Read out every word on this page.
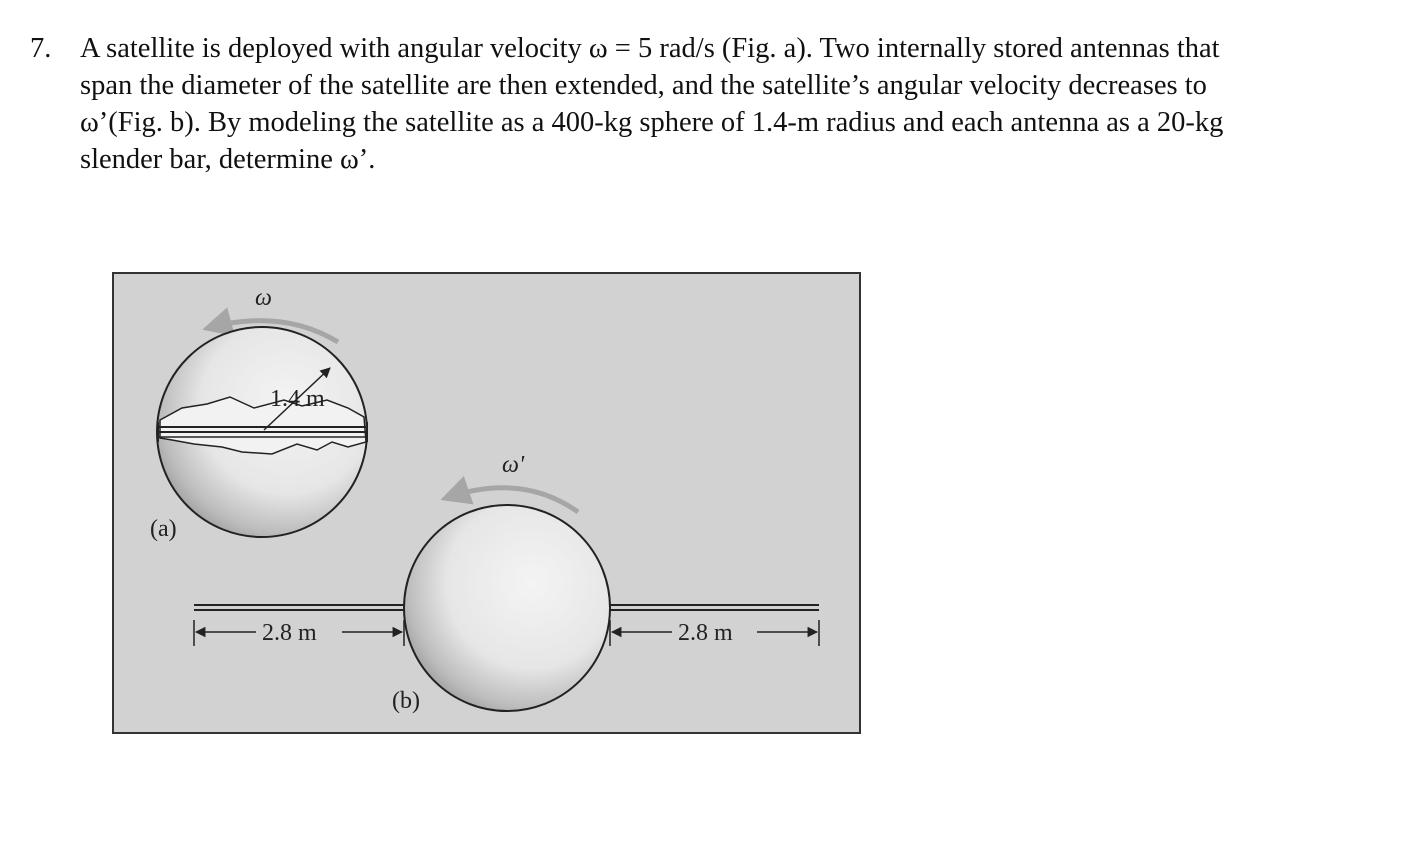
7. A satellite is deployed with angular velocity ω = 5 rad/s (Fig. a). Two internally stored antennas that
span the diameter of the satellite are then extended, and the satellite’s angular velocity decreases to
ω’(Fig. b). By modeling the satellite as a 400-kg sphere of 1.4-m radius and each antenna as a 20-kg
slender bar, determine ω’.
ω
1.4 m
(a)
ω'
2.8 m	2.8 m
(b)
